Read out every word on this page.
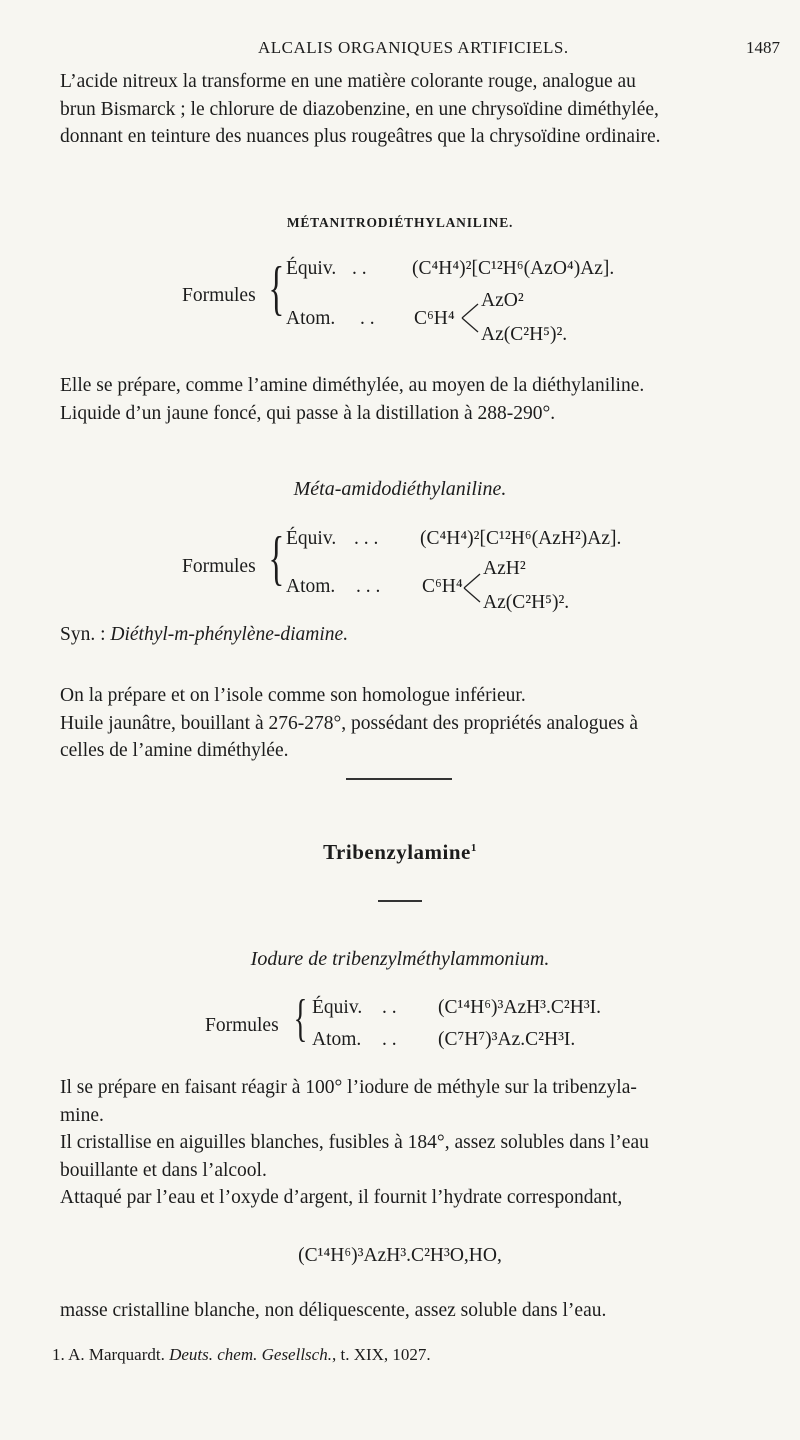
ALCALIS ORGANIQUES ARTIFICIELS.	1487

L’acide nitreux la transforme en une matière colorante rouge, analogue au

brun Bismarck ; le chlorure de diazobenzine, en une chrysoïdine diméthylée,

donnant en teinture des nuances plus rougeâtres que la chrysoïdine ordinaire.

MÉTANITRODIÉTHYLANILINE.
Formules { Équiv. . . (C⁴H⁴)²[C¹²H⁶(AzO⁴)Az].
Atom. . . C⁶H⁴
AzO²
Az(C²H⁵)².

Elle se prépare, comme l’amine diméthylée, au moyen de la diéthylaniline.

Liquide d’un jaune foncé, qui passe à la distillation à 288-290°.

Méta-amidodiéthylaniline.
Formules { Équiv. . . . (C⁴H⁴)²[C¹²H⁶(AzH²)Az].
Atom. . . . C⁶H⁴
AzH²
Az(C²H⁵)².
Syn. : Diéthyl-m-phénylène-diamine.

On la prépare et on l’isole comme son homologue inférieur.

Huile jaunâtre, bouillant à 276-278°, possédant des propriétés analogues à

celles de l’amine diméthylée.

Tribenzylamine$^1$
Iodure de tribenzylméthylammonium.
Formules { Équiv. . . (C¹⁴H⁶)³AzH³.C²H³I.
Atom. . . (C⁷H⁷)³Az.C²H³I.

Il se prépare en faisant réagir à 100° l’iodure de méthyle sur la tribenzyla-

mine.

Il cristallise en aiguilles blanches, fusibles à 184°, assez solubles dans l’eau

bouillante et dans l’alcool.

Attaqué par l’eau et l’oxyde d’argent, il fournit l’hydrate correspondant,

(C¹⁴H⁶)³AzH³.C²H³O,HO,

masse cristalline blanche, non déliquescente, assez soluble dans l’eau.

1. A. Marquardt. Deuts. chem. Gesellsch., t. XIX, 1027.
